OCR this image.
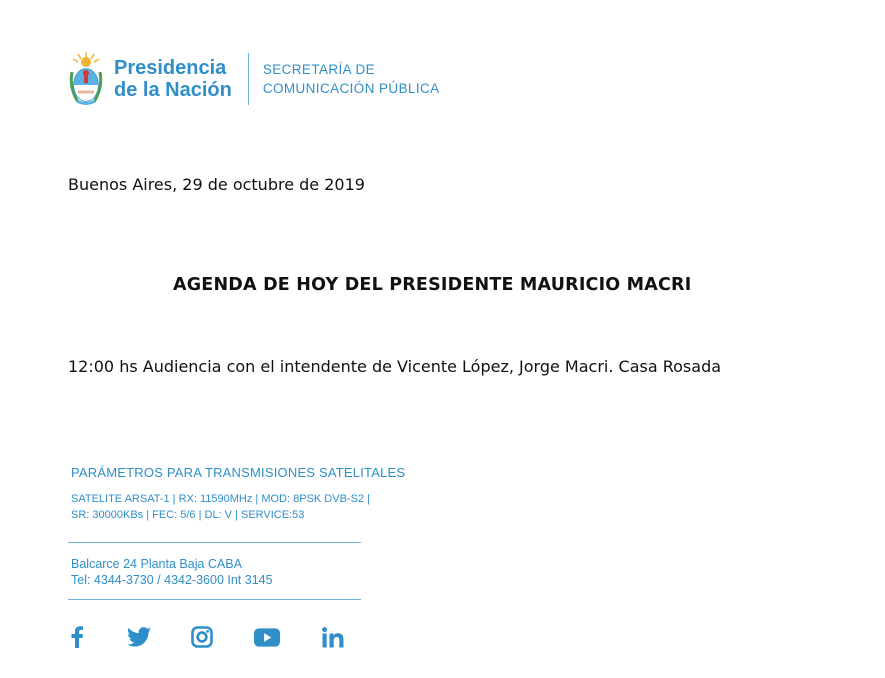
Presidencia
de la Nación
SECRETARÍA DE
COMUNICACIÓN PÚBLICA
Buenos Aires, 29 de octubre de 2019
AGENDA DE HOY DEL PRESIDENTE MAURICIO MACRI
12:00 hs Audiencia con el intendente de Vicente López, Jorge Macri. Casa Rosada
PARÁMETROS PARA TRANSMISIONES SATELITALES
SATELITE ARSAT-1 | RX: 11590MHz | MOD: 8PSK DVB-S2 |
SR: 30000KBs | FEC: 5/6 | DL: V | SERVICE:53
Balcarce 24 Planta Baja CABA
Tel: 4344-3730 / 4342-3600 Int 3145
